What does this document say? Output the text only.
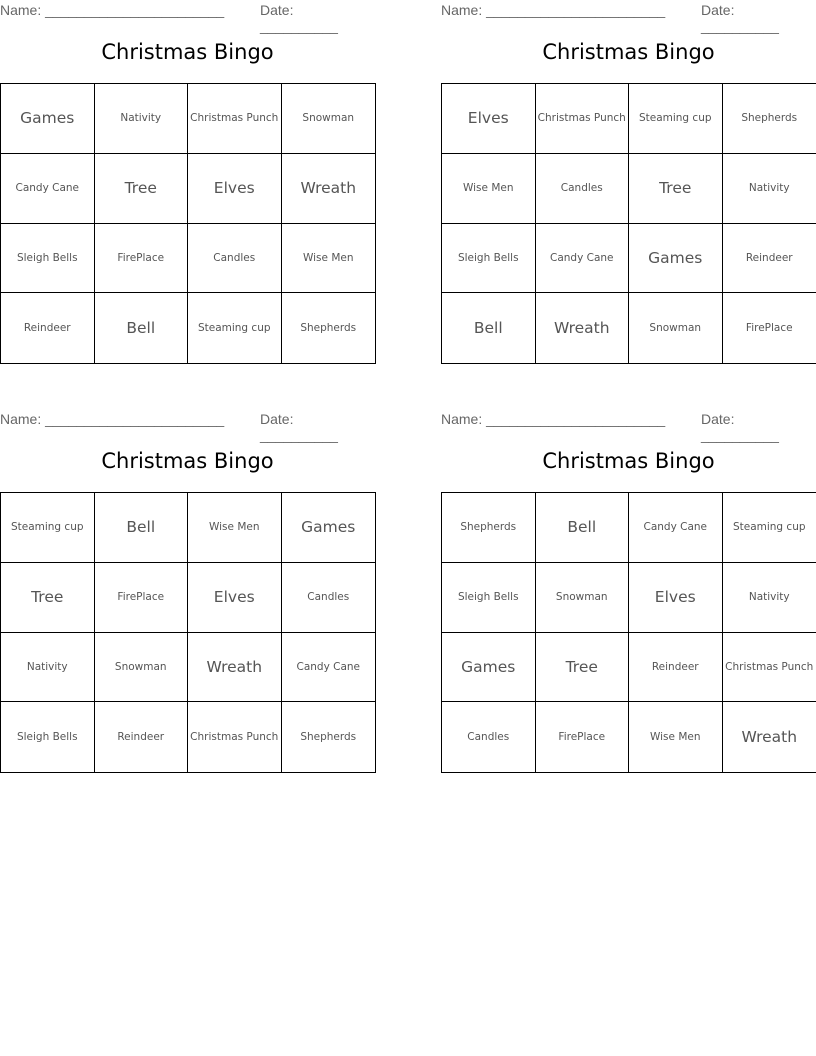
Name: _______________________	Date: __________
Christmas Bingo
Games	Nativity	Christmas Punch	Snowman
Candy Cane	Tree	Elves	Wreath
Sleigh Bells	FirePlace	Candles	Wise Men
Reindeer	Bell	Steaming cup	Shepherds
Name: _______________________	Date: __________
Christmas Bingo
Elves	Christmas Punch	Steaming cup	Shepherds
Wise Men	Candles	Tree	Nativity
Sleigh Bells	Candy Cane	Games	Reindeer
Bell	Wreath	Snowman	FirePlace
Name: _______________________	Date: __________
Christmas Bingo
Steaming cup	Bell	Wise Men	Games
Tree	FirePlace	Elves	Candles
Nativity	Snowman	Wreath	Candy Cane
Sleigh Bells	Reindeer	Christmas Punch	Shepherds
Name: _______________________	Date: __________
Christmas Bingo
Shepherds	Bell	Candy Cane	Steaming cup
Sleigh Bells	Snowman	Elves	Nativity
Games	Tree	Reindeer	Christmas Punch
Candles	FirePlace	Wise Men	Wreath
